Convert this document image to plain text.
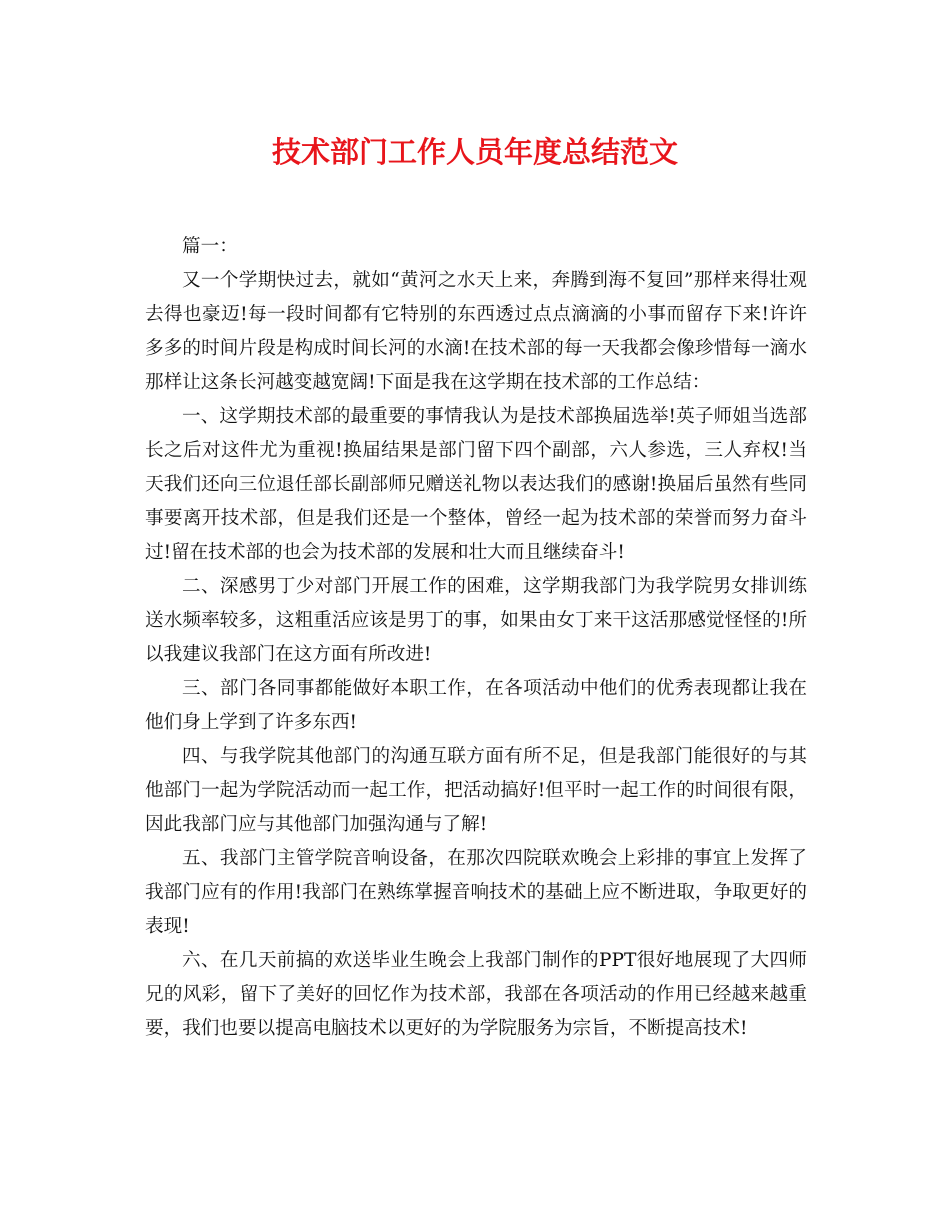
技术部门工作人员年度总结范文

篇一：

又一个学期快过去，就如“黄河之水天上来，奔腾到海不复回”那样来得壮观去得也豪迈!每一段时间都有它特别的东西透过点点滴滴的小事而留存下来!许许多多的时间片段是构成时间长河的水滴!在技术部的每一天我都会像珍惜每一滴水那样让这条长河越变越宽阔!下面是我在这学期在技术部的工作总结：

一、这学期技术部的最重要的事情我认为是技术部换届选举!英子师姐当选部长之后对这件尤为重视!换届结果是部门留下四个副部，六人参选，三人弃权!当天我们还向三位退任部长副部师兄赠送礼物以表达我们的感谢!换届后虽然有些同事要离开技术部，但是我们还是一个整体，曾经一起为技术部的荣誉而努力奋斗过!留在技术部的也会为技术部的发展和壮大而且继续奋斗!

二、深感男丁少对部门开展工作的困难，这学期我部门为我学院男女排训练送水频率较多，这粗重活应该是男丁的事，如果由女丁来干这活那感觉怪怪的!所以我建议我部门在这方面有所改进!

三、部门各同事都能做好本职工作，在各项活动中他们的优秀表现都让我在他们身上学到了许多东西!

四、与我学院其他部门的沟通互联方面有所不足，但是我部门能很好的与其他部门一起为学院活动而一起工作，把活动搞好!但平时一起工作的时间很有限，因此我部门应与其他部门加强沟通与了解!

五、我部门主管学院音响设备，在那次四院联欢晚会上彩排的事宜上发挥了我部门应有的作用!我部门在熟练掌握音响技术的基础上应不断进取，争取更好的表现!

六、在几天前搞的欢送毕业生晚会上我部门制作的PPT很好地展现了大四师兄的风彩，留下了美好的回忆作为技术部，我部在各项活动的作用已经越来越重要，我们也要以提高电脑技术以更好的为学院服务为宗旨，不断提高技术!
